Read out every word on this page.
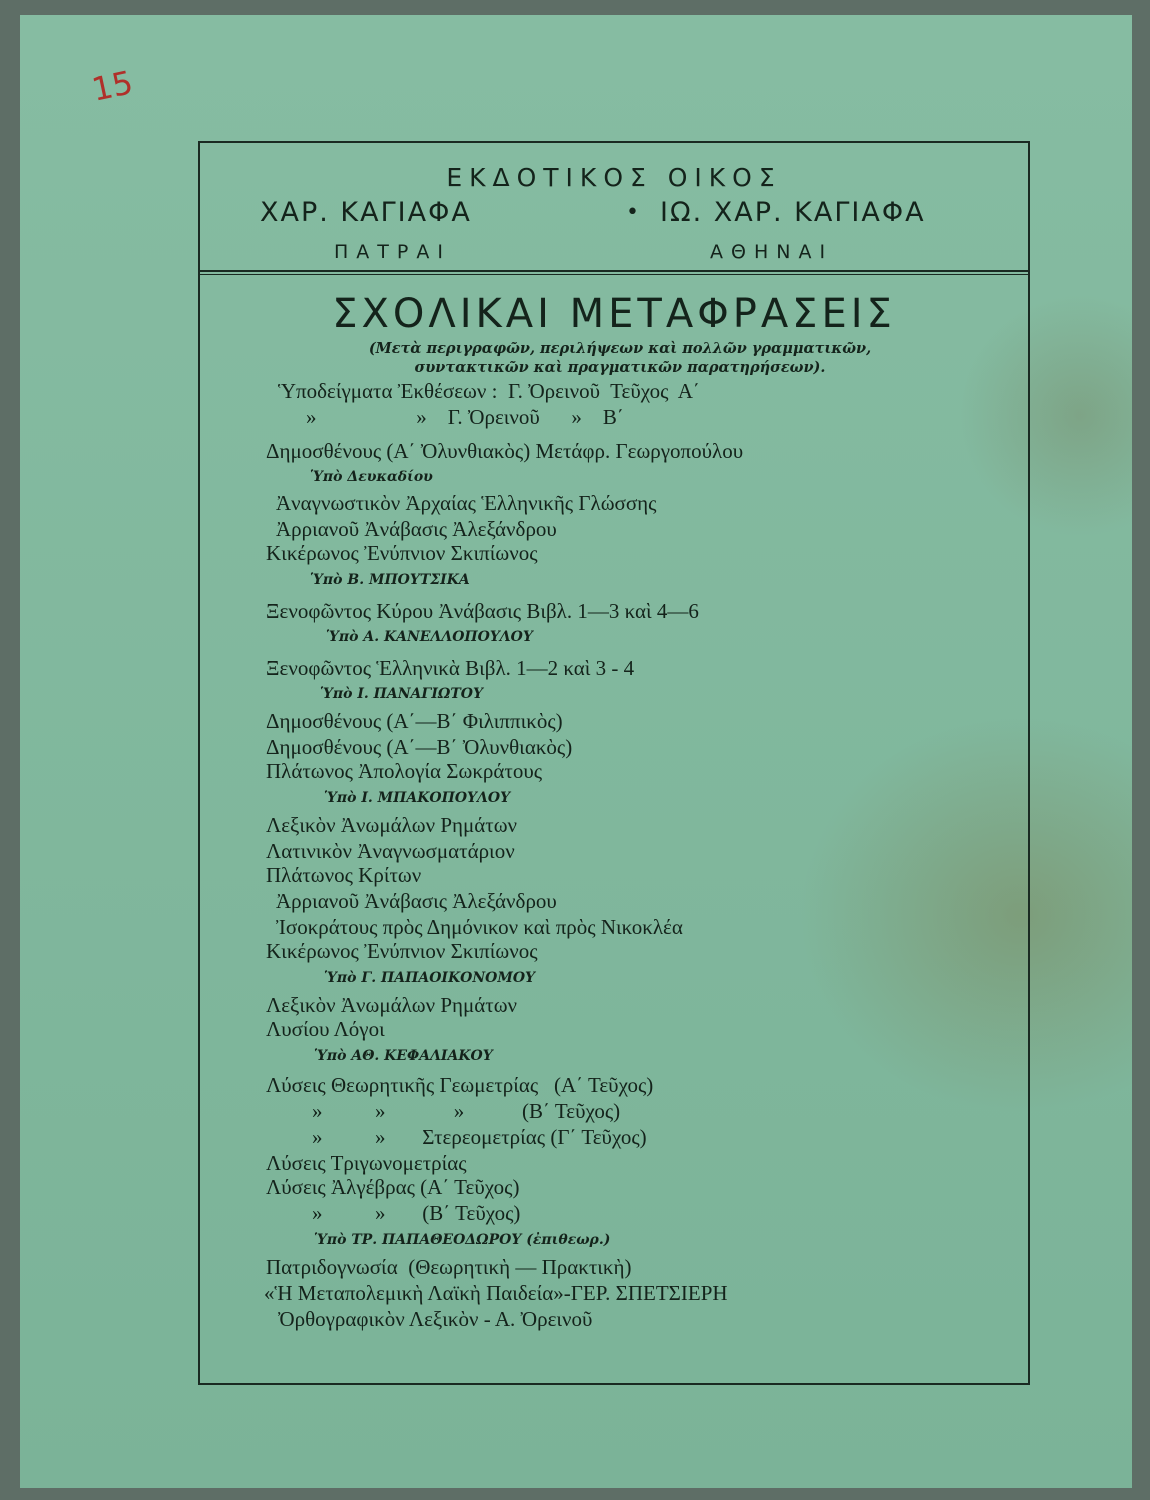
15
ΕΚΔΟΤΙΚΟΣ ΟΙΚΟΣ
ΧΑΡ. ΚΑΓΙΑΦΑ	• ΙΩ. ΧΑΡ. ΚΑΓΙΑΦΑ
ΠΑΤΡΑΙ	ΑΘΗΝΑΙ
ΣΧΟΛΙΚΑΙ ΜΕΤΑΦΡΑΣΕΙΣ
(Μετὰ περιγραφῶν, περιλήψεων καὶ πολλῶν γραμματικῶν,
συντακτικῶν καὶ πραγματικῶν παρατηρήσεων).
Ὑποδείγματα Ἐκθέσεων :  Γ. Ὀρεινοῦ  Τεῦχος  Α΄
»                   »    Γ. Ὀρεινοῦ      »    Β΄
Δημοσθένους (Α΄ Ὀλυνθιακὸς) Μετάφρ. Γεωργοπούλου
Ὑπὸ Δευκαδίου
Ἀναγνωστικὸν Ἀρχαίας Ἑλληνικῆς Γλώσσης
Ἀρριανοῦ Ἀνάβασις Ἀλεξάνδρου
Κικέρωνος Ἐνύπνιον Σκιπίωνος
Ὑπὸ Β. ΜΠΟΥΤΣΙΚΑ
Ξενοφῶντος Κύρου Ἀνάβασις Βιβλ. 1—3 καὶ 4—6
Ὑπὸ Α. ΚΑΝΕΛΛΟΠΟΥΛΟΥ
Ξενοφῶντος Ἑλληνικὰ Βιβλ. 1—2 καὶ 3 - 4
Ὑπὸ Ι. ΠΑΝΑΓΙΩΤΟΥ
Δημοσθένους (Α΄—Β΄ Φιλιππικὸς)
Δημοσθένους (Α΄—Β΄ Ὀλυνθιακὸς)
Πλάτωνος Ἀπολογία Σωκράτους
Ὑπὸ Ι. ΜΠΑΚΟΠΟΥΛΟΥ
Λεξικὸν Ἀνωμάλων Ρημάτων
Λατινικὸν Ἀναγνωσματάριον
Πλάτωνος Κρίτων
Ἀρριανοῦ Ἀνάβασις Ἀλεξάνδρου
Ἰσοκράτους πρὸς Δημόνικον καὶ πρὸς Νικοκλέα
Κικέρωνος Ἐνύπνιον Σκιπίωνος
Ὑπὸ Γ. ΠΑΠΑΟΙΚΟΝΟΜΟΥ
Λεξικὸν Ἀνωμάλων Ρημάτων
Λυσίου Λόγοι
Ὑπὸ ΑΘ. ΚΕΦΑΛΙΑΚΟΥ
Λύσεις Θεωρητικῆς Γεωμετρίας   (Α΄ Τεῦχος)
»          »             »           (Β΄ Τεῦχος)
»          »       Στερεομετρίας (Γ΄ Τεῦχος)
Λύσεις Τριγωνομετρίας
Λύσεις Ἀλγέβρας (Α΄ Τεῦχος)
»          »       (Β΄ Τεῦχος)
Ὑπὸ ΤΡ. ΠΑΠΑΘΕΟΔΩΡΟΥ (ἐπιθεωρ.)
Πατριδογνωσία  (Θεωρητικὴ — Πρακτικὴ)
«Ἡ Μεταπολεμικὴ Λαϊκὴ Παιδεία»-ΓΕΡ. ΣΠΕΤΣΙΕΡΗ
Ὀρθογραφικὸν Λεξικὸν - Α. Ὀρεινοῦ
